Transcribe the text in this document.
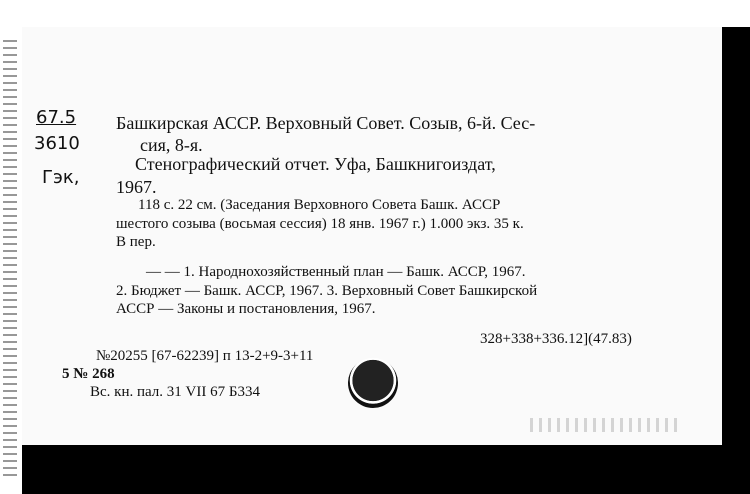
67.5
3610
Гэк,
Башкирская АССР. Верховный Совет. Созыв, 6-й. Сес-
сия, 8-я.
Стенографический отчет. Уфа, Башкнигоиздат,
1967.
118 с. 22 см. (Заседания Верховного Совета Башк. АССР
шестого созыва (восьмая сессия) 18 янв. 1967 г.) 1.000 экз. 35 к.
В пер.
— — 1. Народнохозяйственный план — Башк. АССР, 1967.
2. Бюджет — Башк. АССР, 1967. 3. Верховный Совет Башкирской
АССР — Законы и постановления, 1967.
328+338+336.12](47.83)
№20255 [67-62239] п 13-2+9-3+11
5 № 268
Вс. кн. пал. 31 VII 67 Б334
